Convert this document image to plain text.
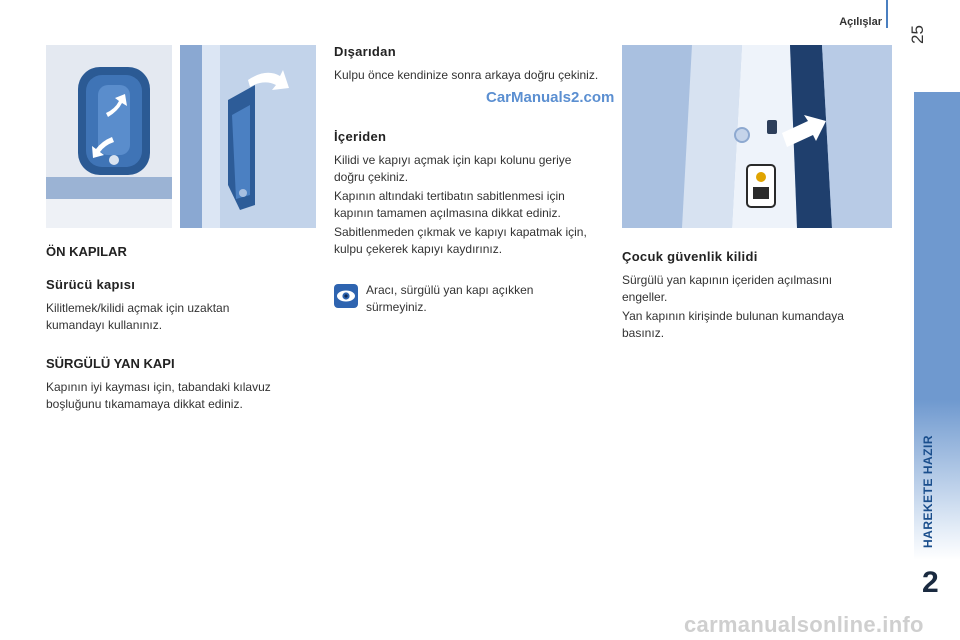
Açılışlar
25
HAREKETE HAZIR
2
ÖN KAPILAR
Sürücü kapısı
Kilitlemek/kilidi açmak için uzaktan kumandayı kullanınız.
SÜRGÜLÜ YAN KAPI
Kapının iyi kayması için, tabandaki kılavuz boşluğunu tıkamamaya dikkat ediniz.
Dışarıdan
Kulpu önce kendinize sonra arkaya doğru çekiniz.
CarManuals2.com
İçeriden
Kilidi ve kapıyı açmak için kapı kolunu geriye doğru çekiniz.
Kapının altındaki tertibatın sabitlenmesi için kapının tamamen açılmasına dikkat ediniz.
Sabitlenmeden çıkmak ve kapıyı kapatmak için, kulpu çekerek kapıyı kaydırınız.
Aracı, sürgülü yan kapı açıkken sürmeyiniz.
Çocuk güvenlik kilidi
Sürgülü yan kapının içeriden açılmasını engeller.
Yan kapının kirişinde bulunan kumandaya basınız.
carmanualsonline.info
